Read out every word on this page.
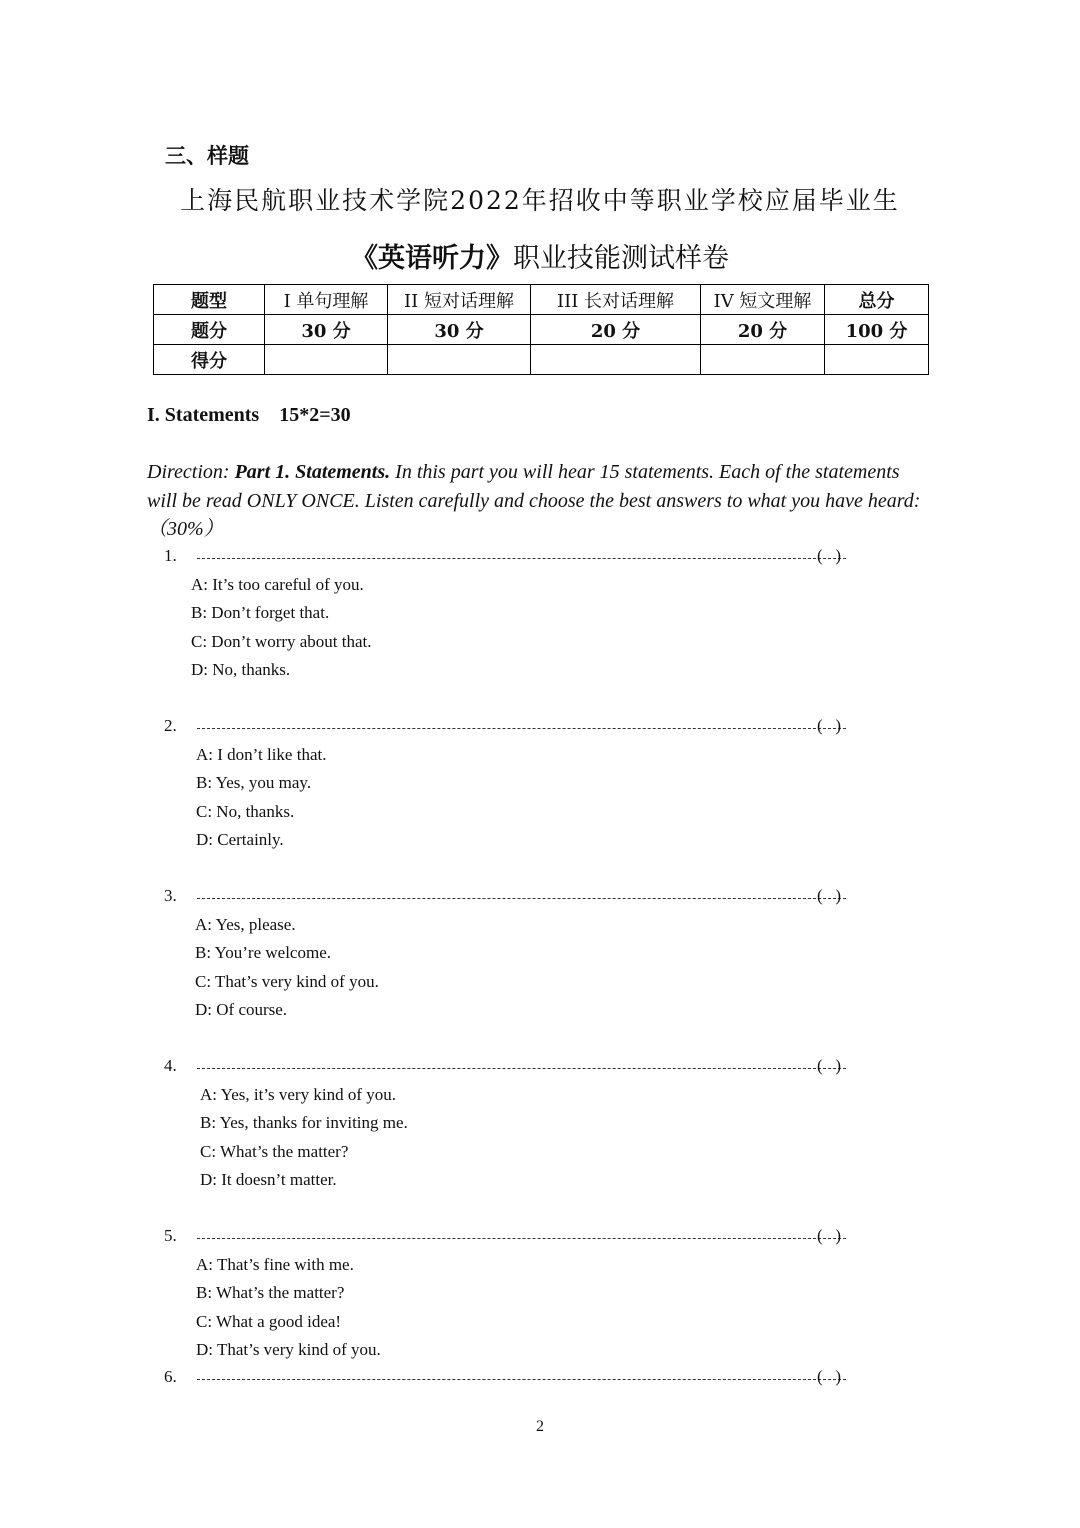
三、样题
上海民航职业技术学院2022年招收中等职业学校应届毕业生
《英语听力》职业技能测试样卷
题型	I 单句理解	II 短对话理解	III 长对话理解	IV 短文理解	总分
题分	30 分	30 分	20 分	20 分	100 分
得分					
I. Statements    15*2=30
Direction: Part 1. Statements. In this part you will hear 15 statements. Each of the statements will be read ONLY ONCE. Listen carefully and choose the best answers to what you have heard:（30%）
1.	(   )
A: It’s too careful of you.
B: Don’t forget that.
C: Don’t worry about that.
D: No, thanks.
2.	(   )
A: I don’t like that.
B: Yes, you may.
C: No, thanks.
D: Certainly.
3.	(   )
A: Yes, please.
B: You’re welcome.
C: That’s very kind of you.
D: Of course.
4.	(   )
A: Yes, it’s very kind of you.
B: Yes, thanks for inviting me.
C: What’s the matter?
D: It doesn’t matter.
5.	(   )
A: That’s fine with me.
B: What’s the matter?
C: What a good idea!
D: That’s very kind of you.
6.	(   )
2
